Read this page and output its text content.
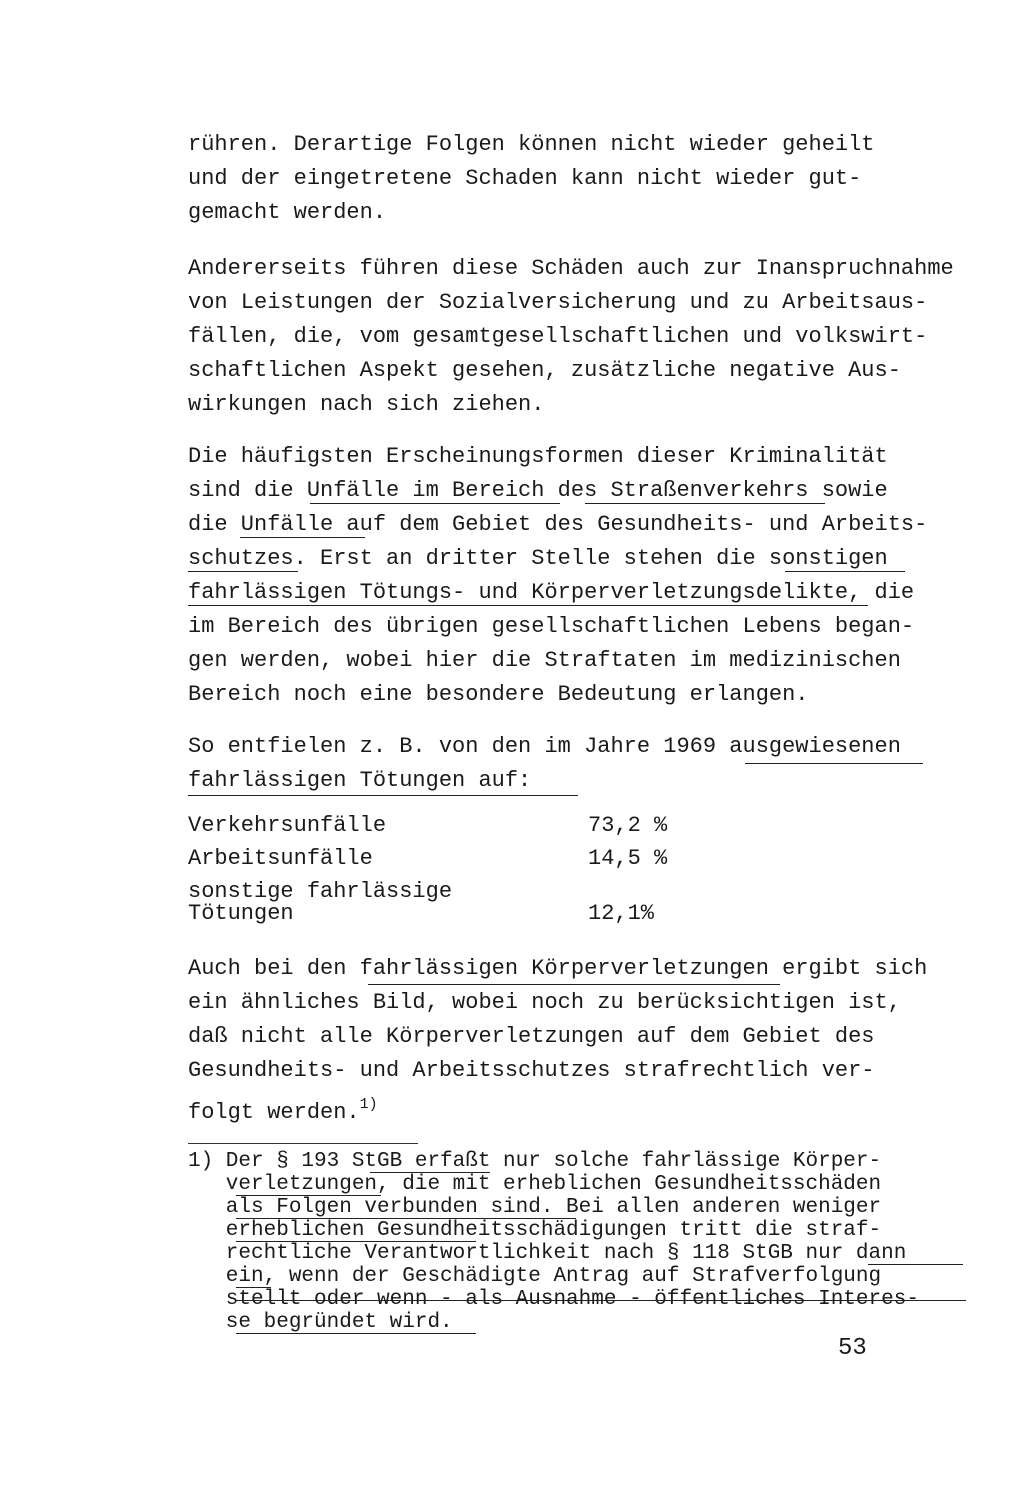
rühren. Derartige Folgen können nicht wieder geheilt
und der eingetretene Schaden kann nicht wieder gut-
gemacht werden.
Andererseits führen diese Schäden auch zur Inanspruchnahme
von Leistungen der Sozialversicherung und zu Arbeitsaus-
fällen, die, vom gesamtgesellschaftlichen und volkswirt-
schaftlichen Aspekt gesehen, zusätzliche negative Aus-
wirkungen nach sich ziehen.
Die häufigsten Erscheinungsformen dieser Kriminalität
sind die Unfälle im Bereich des Straßenverkehrs sowie
die Unfälle auf dem Gebiet des Gesundheits- und Arbeits-
schutzes. Erst an dritter Stelle stehen die sonstigen
fahrlässigen Tötungs- und Körperverletzungsdelikte, die
im Bereich des übrigen gesellschaftlichen Lebens began-
gen werden, wobei hier die Straftaten im medizinischen
Bereich noch eine besondere Bedeutung erlangen.
So entfielen z. B. von den im Jahre 1969 ausgewiesenen
fahrlässigen Tötungen auf:
Verkehrsunfälle	73,2 %
Arbeitsunfälle	14,5 %
sonstige fahrlässige
Tötungen	12,1%
Auch bei den fahrlässigen Körperverletzungen ergibt sich
ein ähnliches Bild, wobei noch zu berücksichtigen ist,
daß nicht alle Körperverletzungen auf dem Gebiet des
Gesundheits- und Arbeitsschutzes strafrechtlich ver-
folgt werden.$^{1)}$
1) Der § 193 StGB erfaßt nur solche fahrlässige Körper-
verletzungen, die mit erheblichen Gesundheitsschäden
als Folgen verbunden sind. Bei allen anderen weniger
erheblichen Gesundheitsschädigungen tritt die straf-
rechtliche Verantwortlichkeit nach § 118 StGB nur dann
ein, wenn der Geschädigte Antrag auf Strafverfolgung
stellt oder wenn - als Ausnahme - öffentliches Interes-
se begründet wird.
53
